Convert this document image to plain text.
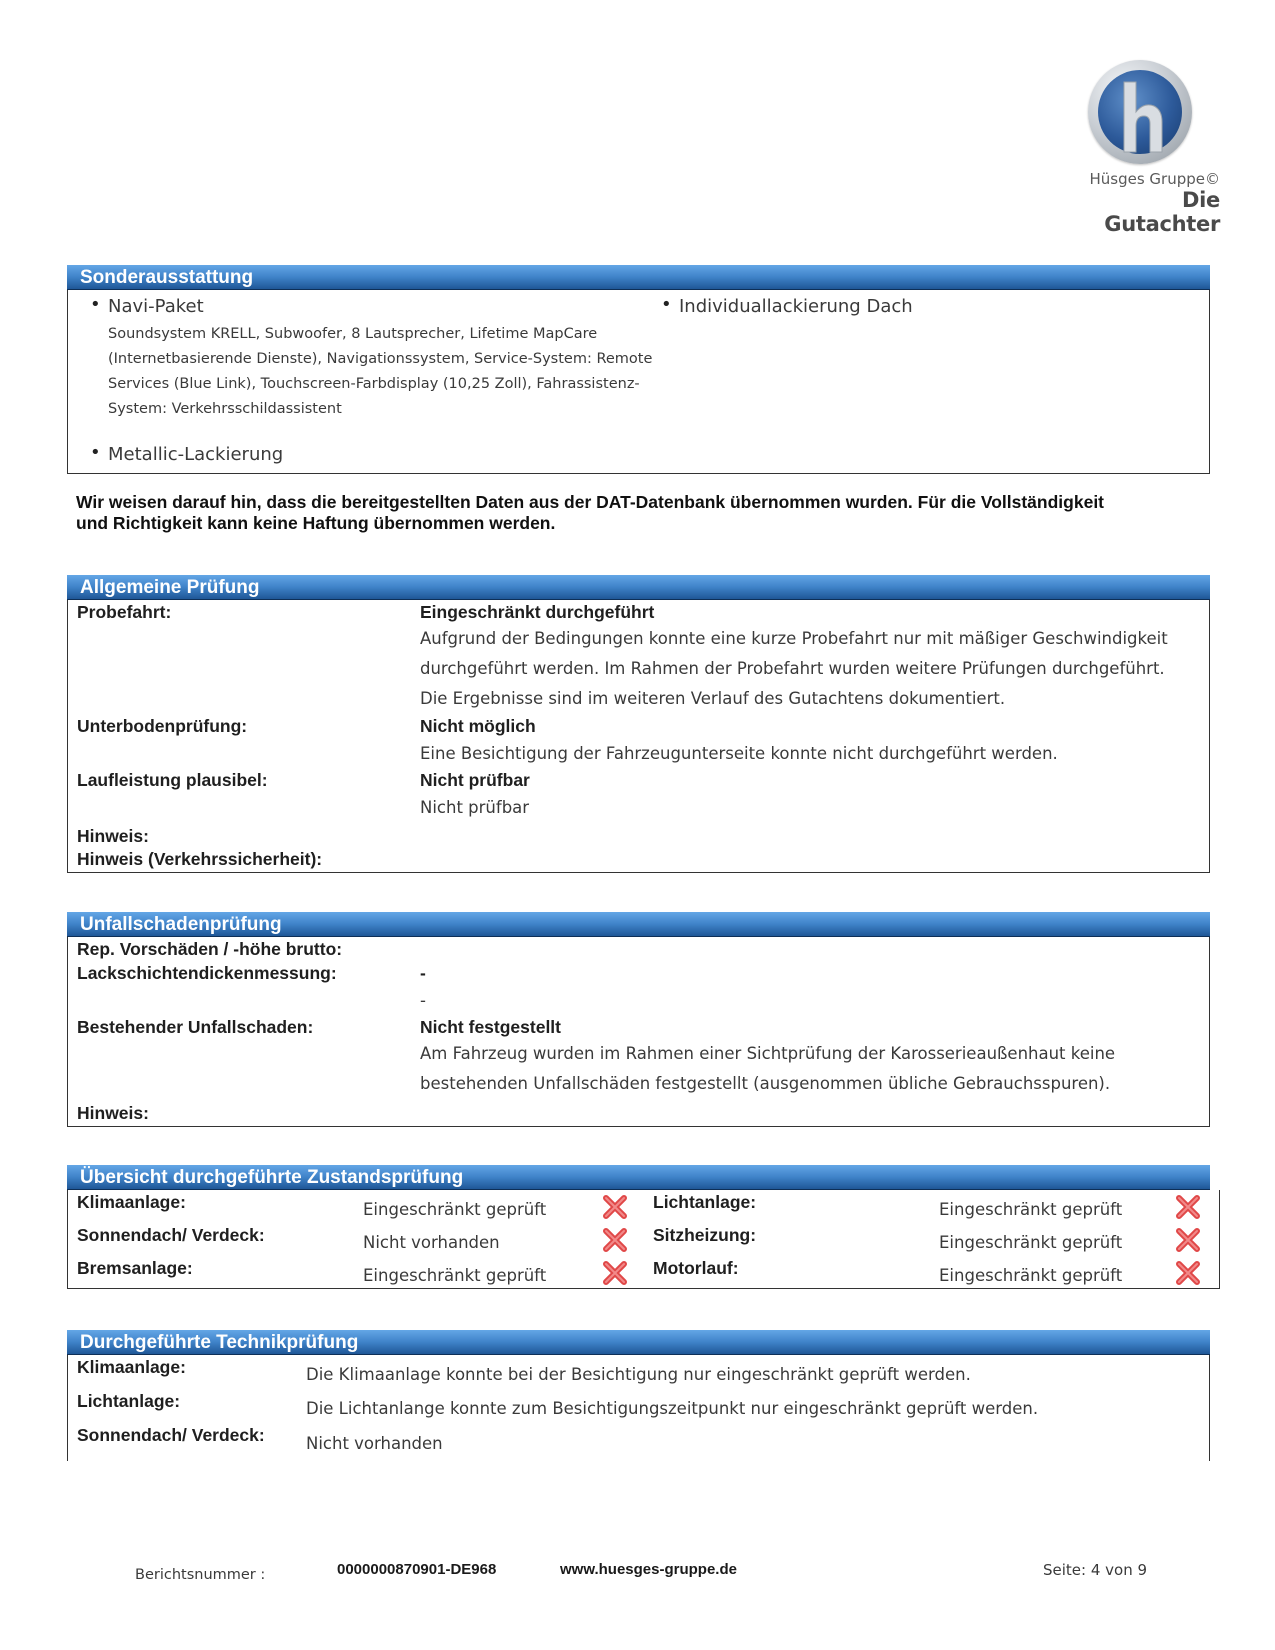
Hüsges Gruppe©
Die Gutachter
Sonderausstattung
• Navi-Paket
Soundsystem KRELL, Subwoofer, 8 Lautsprecher, Lifetime MapCare
(Internetbasierende Dienste), Navigationssystem, Service-System: Remote
Services (Blue Link), Touchscreen-Farbdisplay (10,25 Zoll), Fahrassistenz-
System: Verkehrsschildassistent
• Metallic-Lackierung
• Individuallackierung Dach
Wir weisen darauf hin, dass die bereitgestellten Daten aus der DAT-Datenbank übernommen wurden. Für die Vollständigkeit
und Richtigkeit kann keine Haftung übernommen werden.
Allgemeine Prüfung
Probefahrt:	Eingeschränkt durchgeführt
Aufgrund der Bedingungen konnte eine kurze Probefahrt nur mit mäßiger Geschwindigkeit
durchgeführt werden. Im Rahmen der Probefahrt wurden weitere Prüfungen durchgeführt.
Die Ergebnisse sind im weiteren Verlauf des Gutachtens dokumentiert.
Unterbodenprüfung:	Nicht möglich
Eine Besichtigung der Fahrzeugunterseite konnte nicht durchgeführt werden.
Laufleistung plausibel:	Nicht prüfbar
Nicht prüfbar
Hinweis:
Hinweis (Verkehrssicherheit):
Unfallschadenprüfung
Rep. Vorschäden / -höhe brutto:
Lackschichtendickenmessung:	-
-
Bestehender Unfallschaden:	Nicht festgestellt
Am Fahrzeug wurden im Rahmen einer Sichtprüfung der Karosserieaußenhaut keine
bestehenden Unfallschäden festgestellt (ausgenommen übliche Gebrauchsspuren).
Hinweis:
Übersicht durchgeführte Zustandsprüfung
Klimaanlage:	Eingeschränkt geprüft
Sonnendach/ Verdeck:	Nicht vorhanden
Bremsanlage:	Eingeschränkt geprüft
Lichtanlage:	Eingeschränkt geprüft
Sitzheizung:	Eingeschränkt geprüft
Motorlauf:	Eingeschränkt geprüft
Durchgeführte Technikprüfung
Klimaanlage:	Die Klimaanlage konnte bei der Besichtigung nur eingeschränkt geprüft werden.
Lichtanlage:	Die Lichtanlange konnte zum Besichtigungszeitpunkt nur eingeschränkt geprüft werden.
Sonnendach/ Verdeck:	Nicht vorhanden
Berichtsnummer :	0000000870901-DE968	www.huesges-gruppe.de	Seite: 4 von 9
